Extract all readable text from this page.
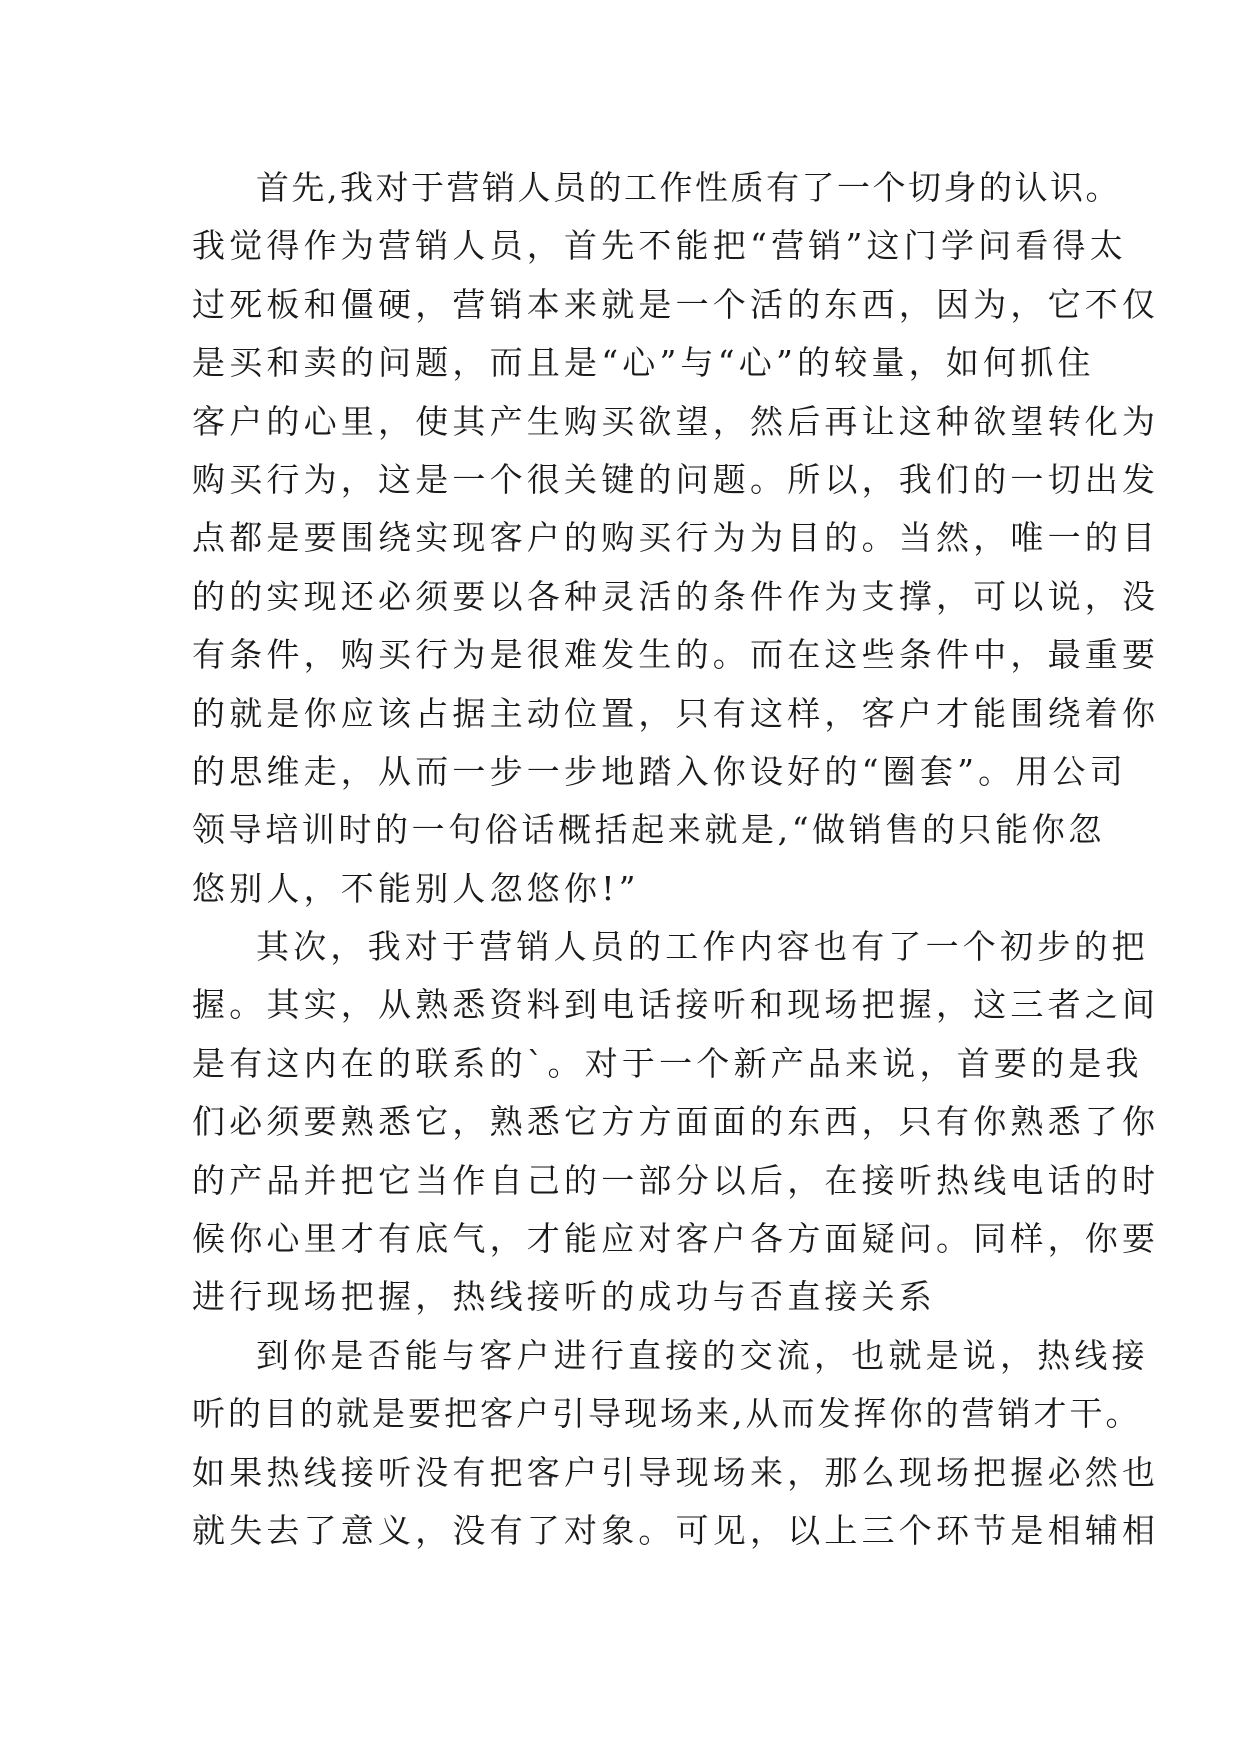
首先,我对于营销人员的工作性质有了一个切身的认识。
我觉得作为营销人员，首先不能把“营销”这门学问看得太
过死板和僵硬，营销本来就是一个活的东西，因为，它不仅
是买和卖的问题，而且是“心”与“心”的较量，如何抓住
客户的心里，使其产生购买欲望，然后再让这种欲望转化为
购买行为，这是一个很关键的问题。所以，我们的一切出发
点都是要围绕实现客户的购买行为为目的。当然，唯一的目
的的实现还必须要以各种灵活的条件作为支撑，可以说，没
有条件，购买行为是很难发生的。而在这些条件中，最重要
的就是你应该占据主动位置，只有这样，客户才能围绕着你
的思维走，从而一步一步地踏入你设好的“圈套”。用公司
领导培训时的一句俗话概括起来就是,“做销售的只能你忽
悠别人，不能别人忽悠你!”
其次，我对于营销人员的工作内容也有了一个初步的把
握。其实，从熟悉资料到电话接听和现场把握，这三者之间
是有这内在的联系的`。对于一个新产品来说，首要的是我
们必须要熟悉它，熟悉它方方面面的东西，只有你熟悉了你
的产品并把它当作自己的一部分以后，在接听热线电话的时
候你心里才有底气，才能应对客户各方面疑问。同样，你要
进行现场把握，热线接听的成功与否直接关系
到你是否能与客户进行直接的交流，也就是说，热线接
听的目的就是要把客户引导现场来,从而发挥你的营销才干。
如果热线接听没有把客户引导现场来，那么现场把握必然也
就失去了意义，没有了对象。可见，以上三个环节是相辅相
